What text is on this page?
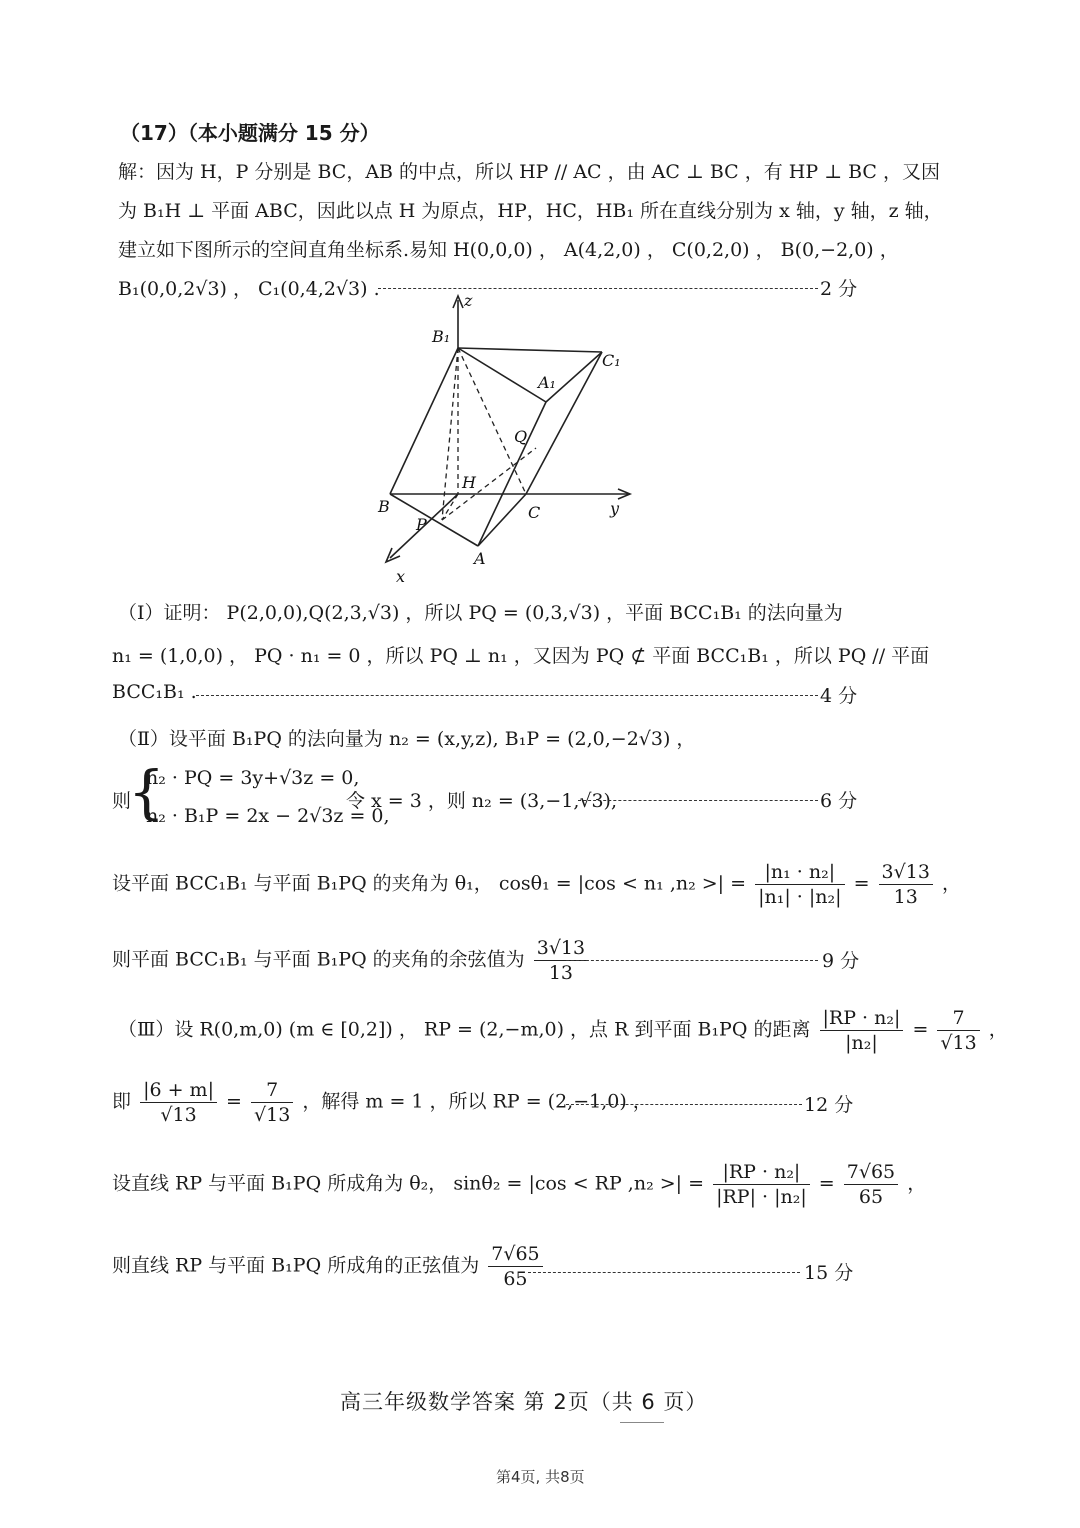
（17）（本小题满分 15 分）
解：因为 H，P 分别是 BC，AB 的中点，所以 HP // AC ，由 AC ⊥ BC ，有 HP ⊥ BC ，又因
为 B₁H ⊥ 平面 ABC，因此以点 H 为原点，HP，HC，HB₁ 所在直线分别为 x 轴，y 轴，z 轴，
建立如下图所示的空间直角坐标系.易知 H(0,0,0) ， A(4,2,0) ， C(0,2,0) ， B(0,−2,0) ，
B₁(0,0,2√3) ， C₁(0,4,2√3) .	2 分
z
B₁
C₁
A₁
Q
H
B	C	y
P
A
x
（Ⅰ）证明： P(2,0,0),Q(2,3,√3) ，所以 PQ = (0,3,√3) ，平面 BCC₁B₁ 的法向量为
n₁ = (1,0,0) ， PQ · n₁ = 0 ，所以 PQ ⊥ n₁ ，又因为 PQ ⊄ 平面 BCC₁B₁ ，所以 PQ // 平面
BCC₁B₁ .	4 分
（Ⅱ）设平面 B₁PQ 的法向量为 n₂ = (x,y,z), B₁P = (2,0,−2√3) ，
则
{
n₂ · PQ = 3y+√3z = 0,
n₂ · B₁P = 2x − 2√3z = 0,
令 x = 3 ，则 n₂ = (3,−1,√3),	6 分
设平面 BCC₁B₁ 与平面 B₁PQ 的夹角为 θ₁， cosθ₁ = |cos < n₁ ,n₂ >| = $\frac{\text{|n₁ · n₂|}}{\text{|n₁| · |n₂|}} = \frac{3√13}{13}$ ，
则平面 BCC₁B₁ 与平面 B₁PQ 的夹角的余弦值为 $\frac{3√13}{13}$	9 分
（Ⅲ）设 R(0,m,0) (m ∈ [0,2]) ， RP = (2,−m,0) ，点 R 到平面 B₁PQ 的距离 $\frac{\text{|RP · n₂|}}{\text{|n₂|}} = \frac{7}{√13}$ ，
即 $\frac{|6 + m|}{√13} = \frac{7}{√13}$ ，解得 m = 1 ，所以 RP = (2,−1,0) ，	12 分
设直线 RP 与平面 B₁PQ 所成角为 θ₂， sinθ₂ = |cos < RP ,n₂ >| = $\frac{\text{|RP · n₂|}}{\text{|RP| · |n₂|}} = \frac{7√65}{65}$ ，
则直线 RP 与平面 B₁PQ 所成角的正弦值为 $\frac{7√65}{65}$	15 分
高三年级数学答案 第 2页（共 6 页）
第4页, 共8页
